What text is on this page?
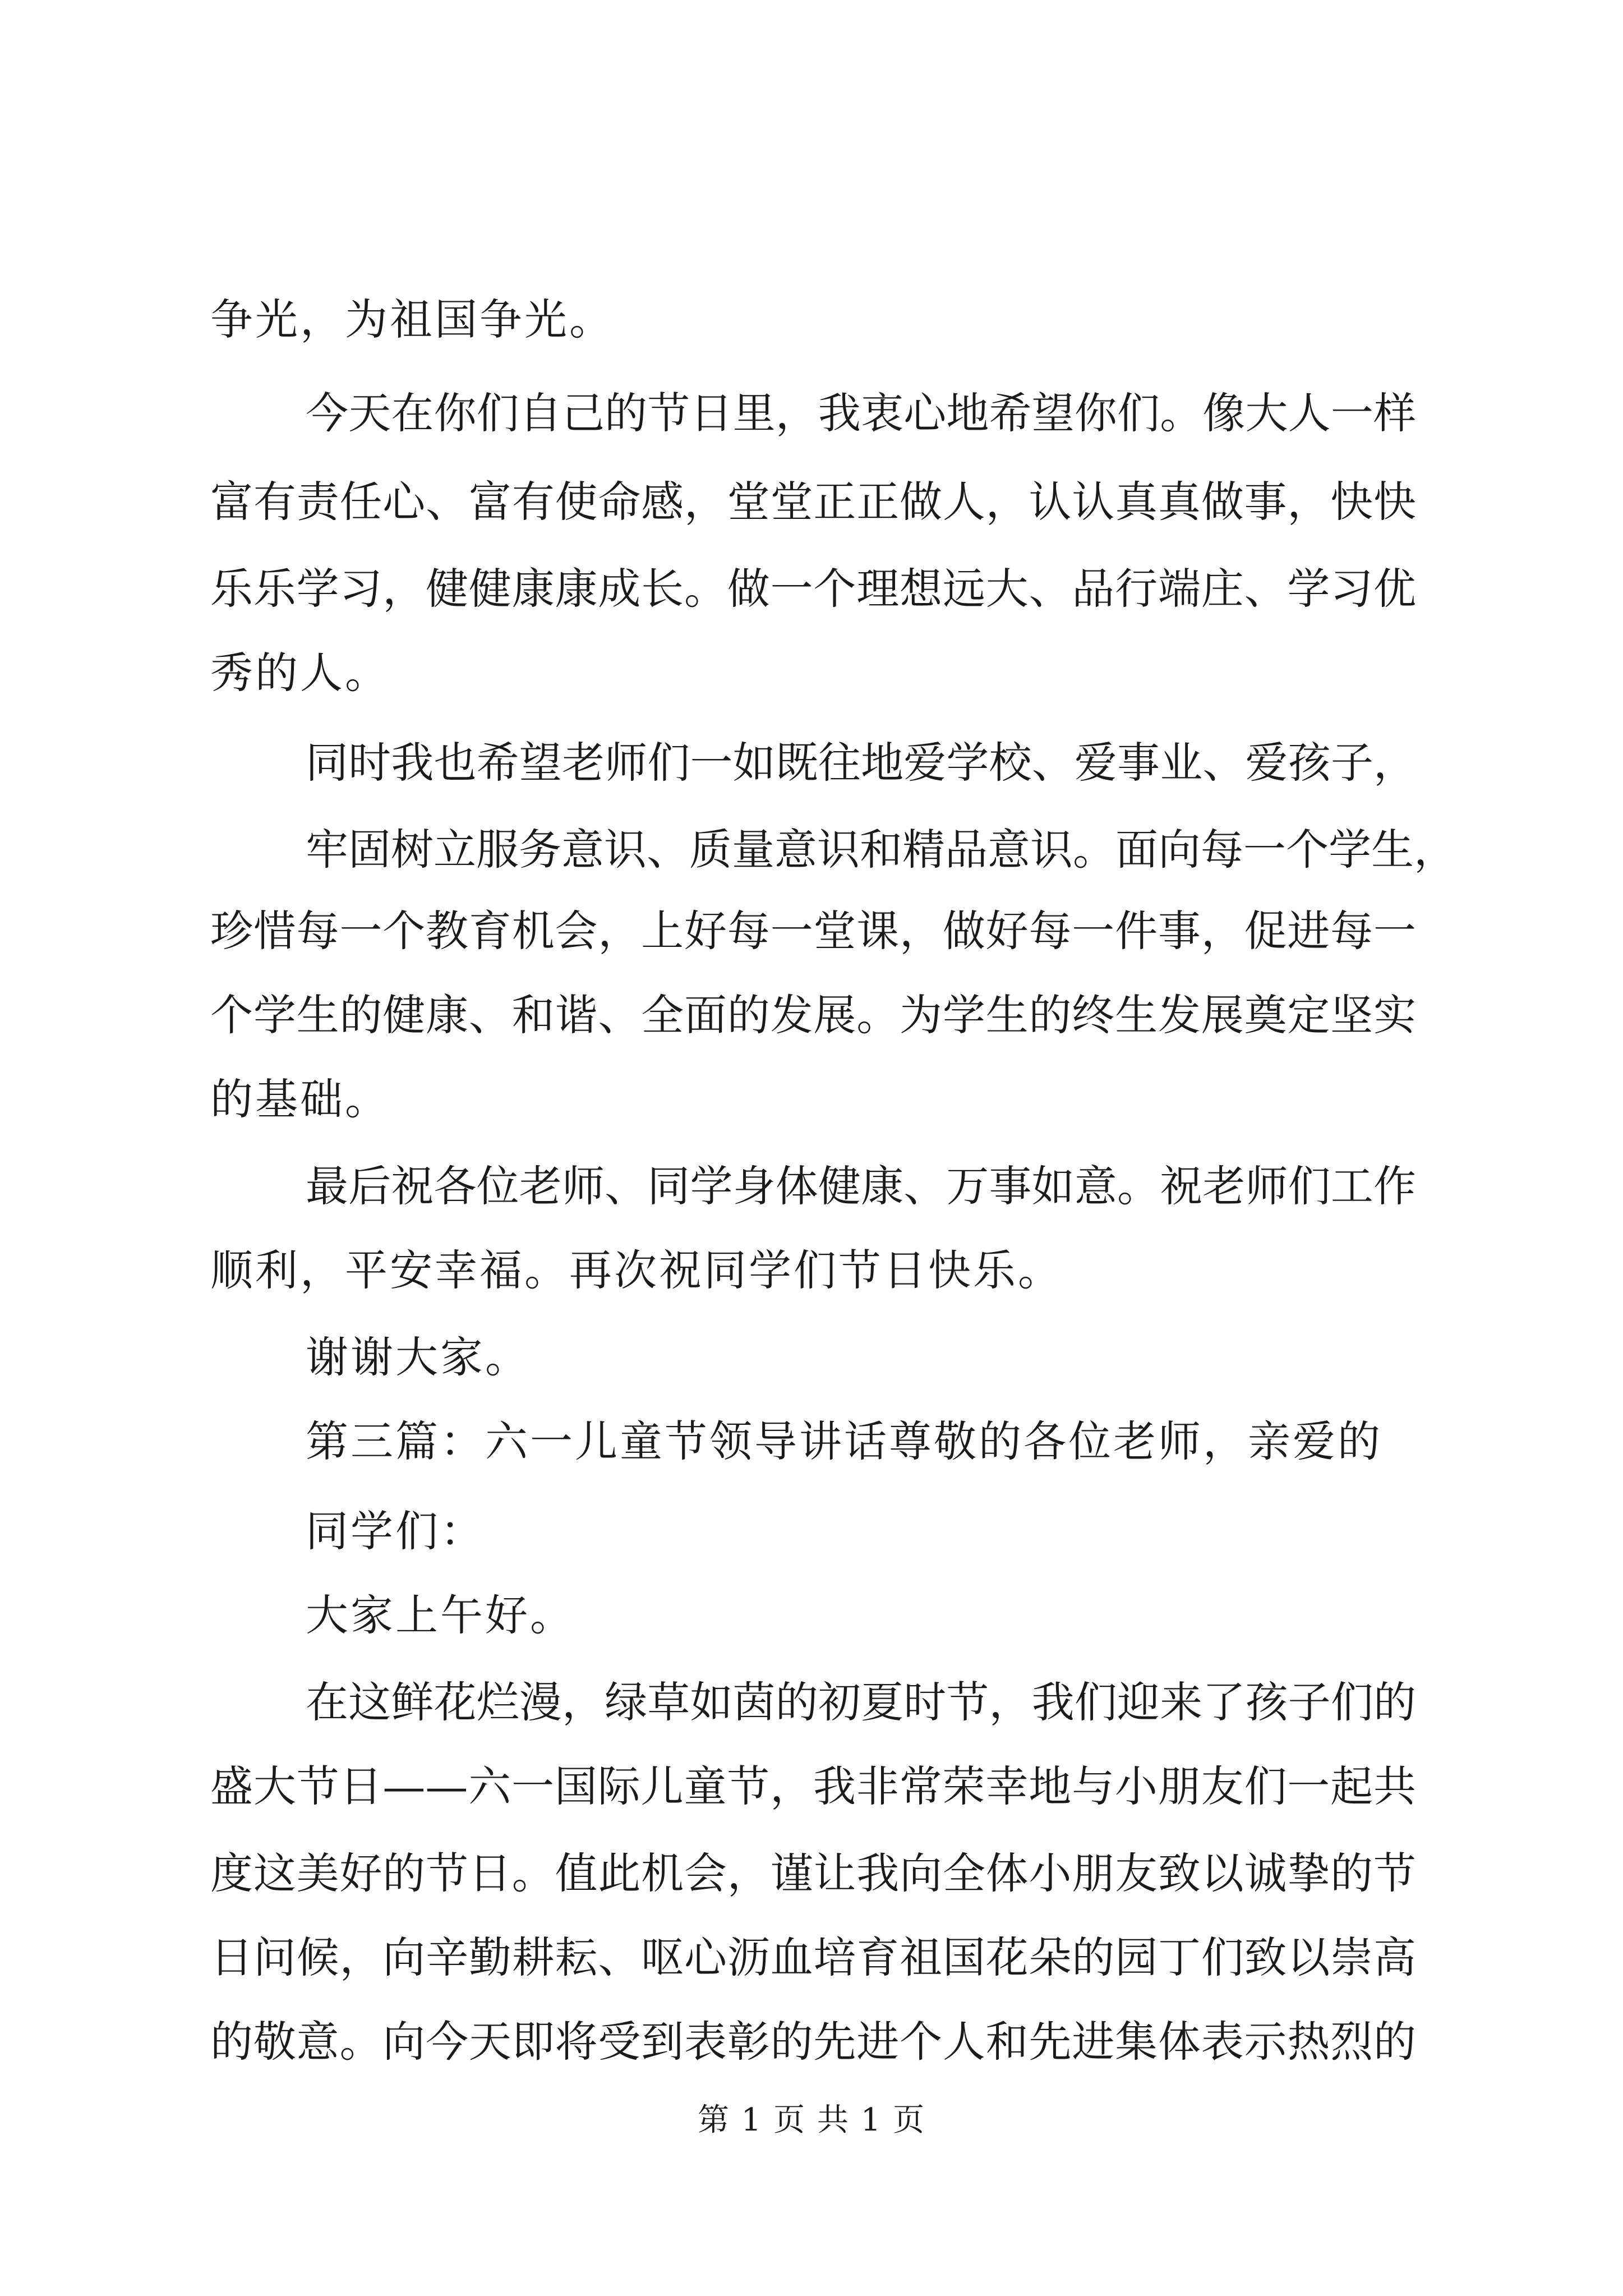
争光，为祖国争光。
今天在你们自己的节日里，我衷心地希望你们。像大人一样
富有责任心、富有使命感，堂堂正正做人，认认真真做事，快快
乐乐学习，健健康康成长。做一个理想远大、品行端庄、学习优
秀的人。
同时我也希望老师们一如既往地爱学校、爱事业、爱孩子，
牢固树立服务意识、质量意识和精品意识。面向每一个学生，
珍惜每一个教育机会，上好每一堂课，做好每一件事，促进每一
个学生的健康、和谐、全面的发展。为学生的终生发展奠定坚实
的基础。
最后祝各位老师、同学身体健康、万事如意。祝老师们工作
顺利，平安幸福。再次祝同学们节日快乐。
谢谢大家。
第三篇：六一儿童节领导讲话尊敬的各位老师，亲爱的
同学们：
大家上午好。
在这鲜花烂漫，绿草如茵的初夏时节，我们迎来了孩子们的
盛大节日——六一国际儿童节，我非常荣幸地与小朋友们一起共
度这美好的节日。值此机会，谨让我向全体小朋友致以诚挚的节
日问候，向辛勤耕耘、呕心沥血培育祖国花朵的园丁们致以崇高
的敬意。向今天即将受到表彰的先进个人和先进集体表示热烈的
第 1 页 共 1 页
